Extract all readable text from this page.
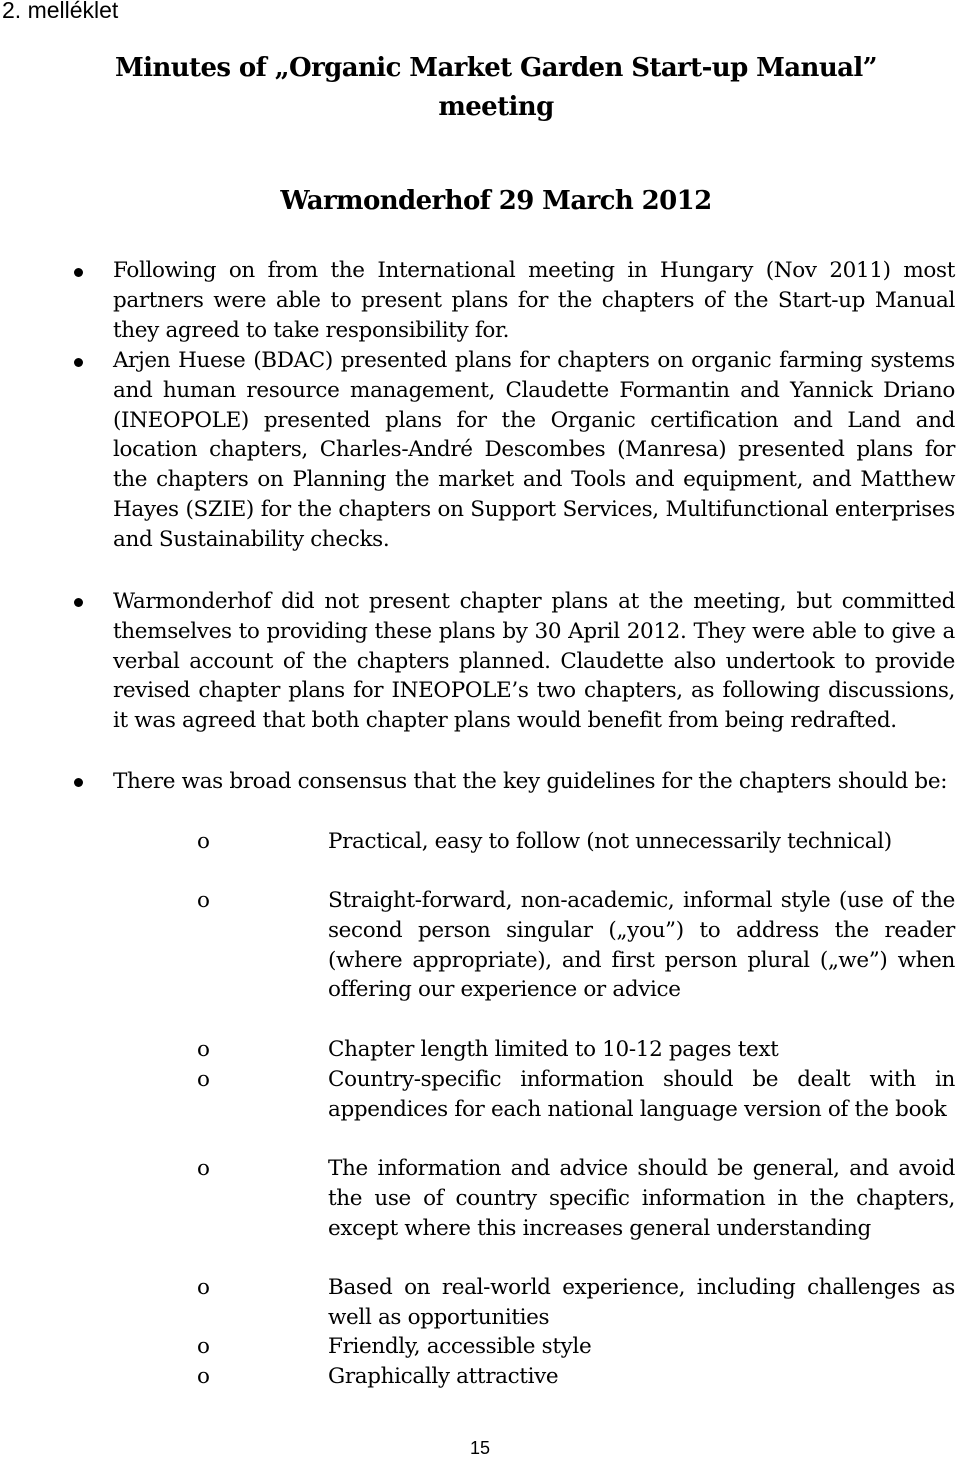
2. melléklet
Minutes of „Organic Market Garden Start-up Manual”
meeting
Warmonderhof 29 March 2012
Following on from the International meeting in Hungary (Nov 2011) most partners were able to present plans for the chapters of the Start-up Manual they agreed to take responsibility for.
Arjen Huese (BDAC) presented plans for chapters on organic farming systems and human resource management, Claudette Formantin and Yannick Driano (INEOPOLE) presented plans for the Organic certification and Land and location chapters, Charles-André Descombes (Manresa) presented plans for the chapters on Planning the market and Tools and equipment, and Matthew Hayes (SZIE) for the chapters on Support Services, Multifunctional enterprises and Sustainability checks.
Warmonderhof did not present chapter plans at the meeting, but committed themselves to providing these plans by 30 April 2012. They were able to give a verbal account of the chapters planned. Claudette also undertook to provide revised chapter plans for INEOPOLE’s two chapters, as following discussions, it was agreed that both chapter plans would benefit from being redrafted.
There was broad consensus that the key guidelines for the chapters should be:
o	Practical, easy to follow (not unnecessarily technical)
o	Straight-forward, non-academic, informal style (use of the second person singular („you”) to address the reader (where appropriate), and first person plural („we”) when offering our experience or advice
o	Chapter length limited to 10-12 pages text
o	Country-specific information should be dealt with in appendices for each national language version of the book
o	The information and advice should be general, and avoid the use of country specific information in the chapters, except where this increases general understanding
o	Based on real-world experience, including challenges as well as opportunities
o	Friendly, accessible style
o	Graphically attractive
15
